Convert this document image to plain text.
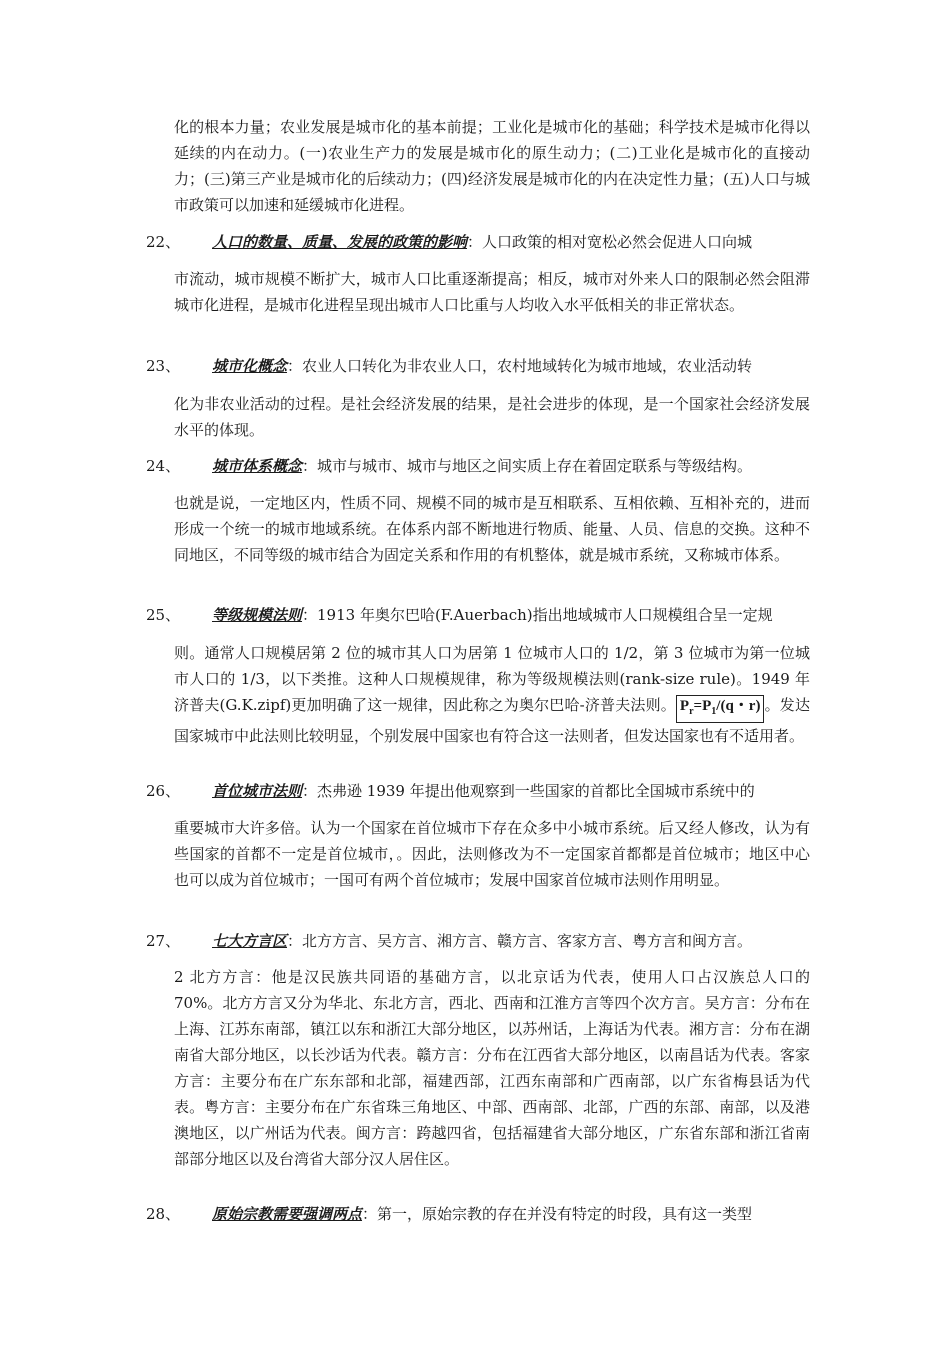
化的根本力量；农业发展是城市化的基本前提；工业化是城市化的基础；科学技术是城市化得以延续的内在动力。(一)农业生产力的发展是城市化的原生动力；(二)工业化是城市化的直接动力；(三)第三产业是城市化的后续动力；(四)经济发展是城市化的内在决定性力量；(五)人口与城市政策可以加速和延缓城市化进程。

22、 人口的数量、质量、发展的政策的影响：人口政策的相对宽松必然会促进人口向城

市流动，城市规模不断扩大，城市人口比重逐渐提高；相反，城市对外来人口的限制必然会阻滞城市化进程，是城市化进程呈现出城市人口比重与人均收入水平低相关的非正常状态。

23、 城市化概念：农业人口转化为非农业人口，农村地域转化为城市地域，农业活动转

化为非农业活动的过程。是社会经济发展的结果，是社会进步的体现，是一个国家社会经济发展水平的体现。

24、 城市体系概念：城市与城市、城市与地区之间实质上存在着固定联系与等级结构。

也就是说，一定地区内，性质不同、规模不同的城市是互相联系、互相依赖、互相补充的，进而形成一个统一的城市地域系统。在体系内部不断地进行物质、能量、人员、信息的交换。这种不同地区，不同等级的城市结合为固定关系和作用的有机整体，就是城市系统，又称城市体系。

25、 等级规模法则：1913 年奥尔巴哈(F.Auerbach)指出地域城市人口规模组合呈一定规

则。通常人口规模居第 2 位的城市其人口为居第 1 位城市人口的 1/2，第 3 位城市为第一位城市人口的 1/3，以下类推。这种人口规模规律，称为等级规模法则(rank-size rule)。1949 年济普夫(G.K.zipf)更加明确了这一规律，因此称之为奥尔巴哈-济普夫法则。 $P_r=P_1/(q$・r) 。发达国家城市中此法则比较明显，个别发展中国家也有符合这一法则者，但发达国家也有不适用者。

26、 首位城市法则：杰弗逊 1939 年提出他观察到一些国家的首都比全国城市系统中的

重要城市大许多倍。认为一个国家在首位城市下存在众多中小城市系统。后又经人修改，认为有些国家的首都不一定是首位城市，。因此，法则修改为不一定国家首都都是首位城市；地区中心也可以成为首位城市；一国可有两个首位城市；发展中国家首位城市法则作用明显。

27、 七大方言区：北方方言、吴方言、湘方言、赣方言、客家方言、粤方言和闽方言。

2 北方方言：他是汉民族共同语的基础方言，以北京话为代表，使用人口占汉族总人口的 70%。北方方言又分为华北、东北方言，西北、西南和江淮方言等四个次方言。吴方言：分布在上海、江苏东南部，镇江以东和浙江大部分地区，以苏州话，上海话为代表。湘方言：分布在湖南省大部分地区，以长沙话为代表。赣方言：分布在江西省大部分地区，以南昌话为代表。客家方言：主要分布在广东东部和北部，福建西部，江西东南部和广西南部，以广东省梅县话为代表。粤方言：主要分布在广东省珠三角地区、中部、西南部、北部，广西的东部、南部，以及港澳地区，以广州话为代表。闽方言：跨越四省，包括福建省大部分地区，广东省东部和浙江省南部部分地区以及台湾省大部分汉人居住区。

28、 原始宗教需要强调两点：第一，原始宗教的存在并没有特定的时段，具有这一类型
